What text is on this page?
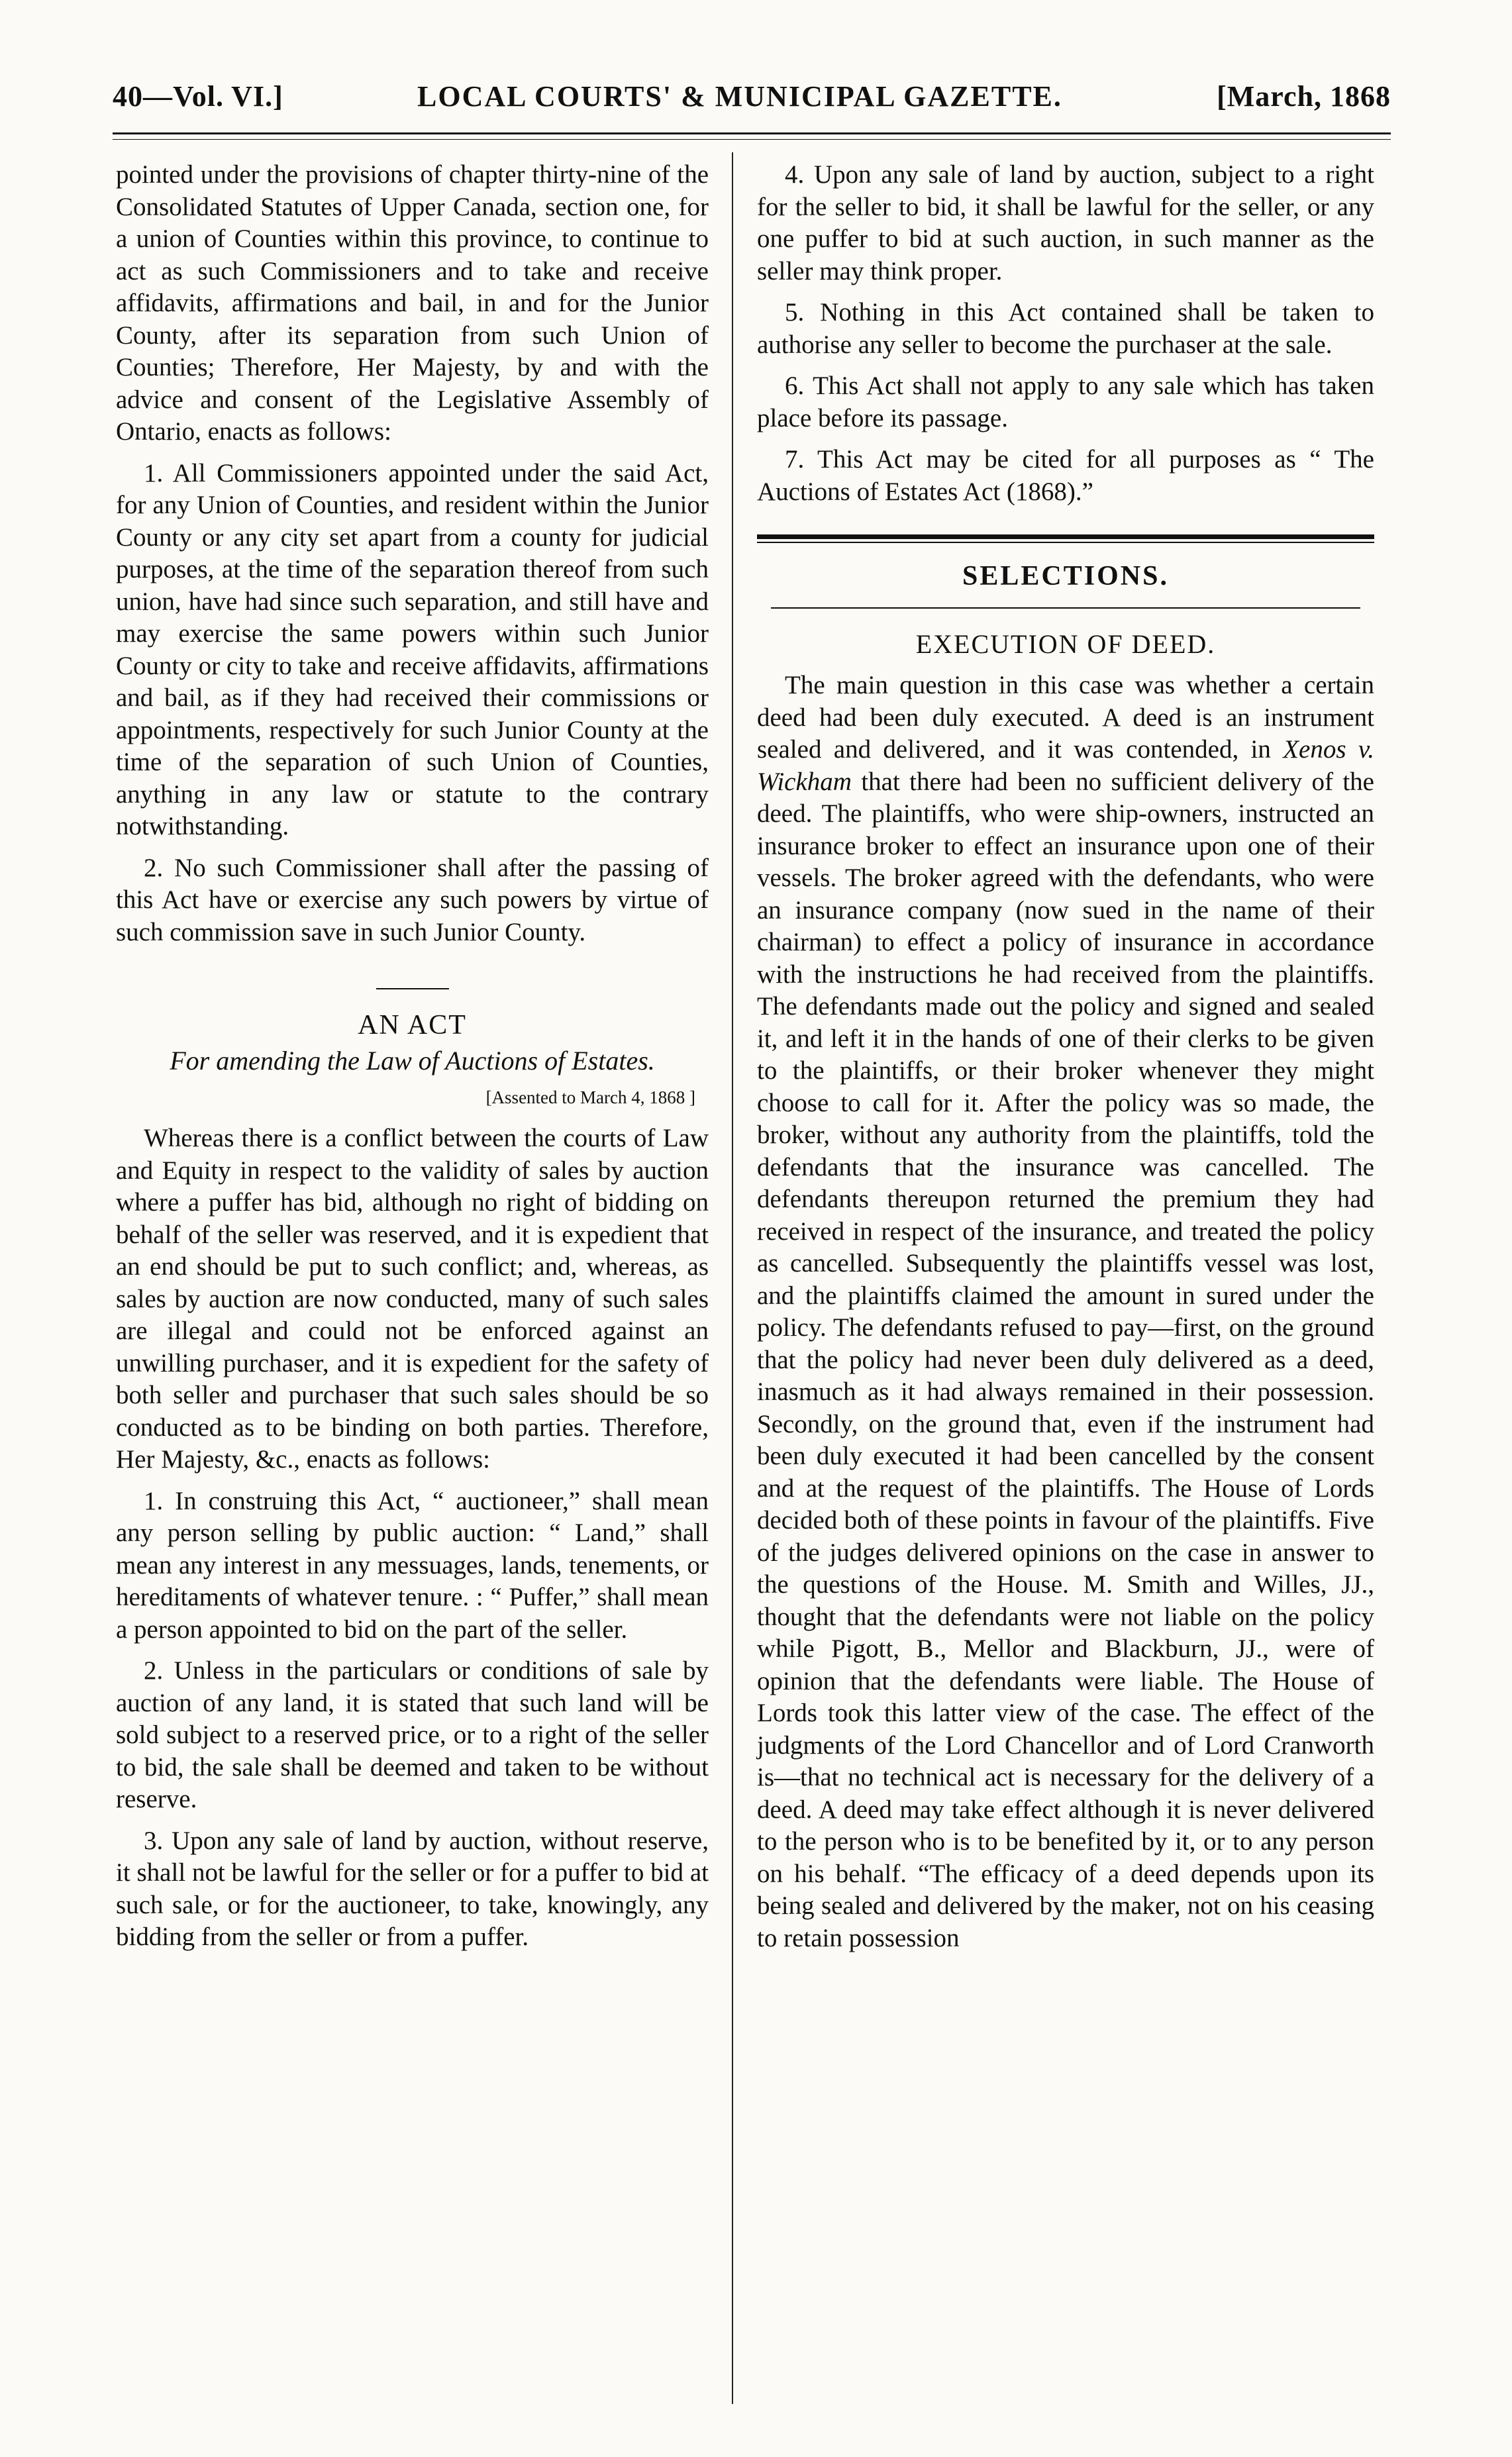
40—Vol. VI.]	LOCAL COURTS' & MUNICIPAL GAZETTE.	[March, 1868

pointed under the provisions of chapter thirty-nine of the Consolidated Statutes of Upper Canada, section one, for a union of Counties within this province, to continue to act as such Commissioners and to take and receive affidavits, affirmations and bail, in and for the Junior County, after its separation from such Union of Counties; Therefore, Her Majesty, by and with the advice and consent of the Legislative Assembly of Ontario, enacts as follows:

1. All Commissioners appointed under the said Act, for any Union of Counties, and resident within the Junior County or any city set apart from a county for judicial purposes, at the time of the separation thereof from such union, have had since such separation, and still have and may exercise the same powers within such Junior County or city to take and receive affidavits, affirmations and bail, as if they had received their commissions or appointments, respectively for such Junior County at the time of the separation of such Union of Counties, anything in any law or statute to the contrary notwithstanding.

2. No such Commissioner shall after the passing of this Act have or exercise any such powers by virtue of such commission save in such Junior County.

AN ACT
For amending the Law of Auctions of Estates.
[Assented to March 4, 1868 ]

Whereas there is a conflict between the courts of Law and Equity in respect to the validity of sales by auction where a puffer has bid, although no right of bidding on behalf of the seller was reserved, and it is expedient that an end should be put to such conflict; and, whereas, as sales by auction are now conducted, many of such sales are illegal and could not be enforced against an unwilling purchaser, and it is expedient for the safety of both seller and purchaser that such sales should be so conducted as to be binding on both parties. Therefore, Her Majesty, &c., enacts as follows:

1. In construing this Act, “ auctioneer,” shall mean any person selling by public auction: “ Land,” shall mean any interest in any messuages, lands, tenements, or hereditaments of whatever tenure. : “ Puffer,” shall mean a person appointed to bid on the part of the seller.

2. Unless in the particulars or conditions of sale by auction of any land, it is stated that such land will be sold subject to a reserved price, or to a right of the seller to bid, the sale shall be deemed and taken to be without reserve.

3. Upon any sale of land by auction, without reserve, it shall not be lawful for the seller or for a puffer to bid at such sale, or for the auctioneer, to take, knowingly, any bidding from the seller or from a puffer.

4. Upon any sale of land by auction, subject to a right for the seller to bid, it shall be lawful for the seller, or any one puffer to bid at such auction, in such manner as the seller may think proper.

5. Nothing in this Act contained shall be taken to authorise any seller to become the purchaser at the sale.

6. This Act shall not apply to any sale which has taken place before its passage.

7. This Act may be cited for all purposes as “ The Auctions of Estates Act (1868).”

SELECTIONS.
EXECUTION OF DEED.

The main question in this case was whether a certain deed had been duly executed. A deed is an instrument sealed and delivered, and it was contended, in Xenos v. Wickham that there had been no sufficient delivery of the deed. The plaintiffs, who were ship-owners, instructed an insurance broker to effect an insurance upon one of their vessels. The broker agreed with the defendants, who were an insurance company (now sued in the name of their chairman) to effect a policy of insurance in accordance with the instructions he had received from the plaintiffs. The defendants made out the policy and signed and sealed it, and left it in the hands of one of their clerks to be given to the plaintiffs, or their broker whenever they might choose to call for it. After the policy was so made, the broker, without any authority from the plaintiffs, told the defendants that the insurance was cancelled. The defendants thereupon returned the premium they had received in respect of the insurance, and treated the policy as cancelled. Subsequently the plaintiffs vessel was lost, and the plaintiffs claimed the amount in sured under the policy. The defendants refused to pay—first, on the ground that the policy had never been duly delivered as a deed, inasmuch as it had always remained in their possession. Secondly, on the ground that, even if the instrument had been duly executed it had been cancelled by the consent and at the request of the plaintiffs. The House of Lords decided both of these points in favour of the plaintiffs. Five of the judges delivered opinions on the case in answer to the questions of the House. M. Smith and Willes, JJ., thought that the defendants were not liable on the policy while Pigott, B., Mellor and Blackburn, JJ., were of opinion that the defendants were liable. The House of Lords took this latter view of the case. The effect of the judgments of the Lord Chancellor and of Lord Cranworth is—that no technical act is necessary for the delivery of a deed. A deed may take effect although it is never delivered to the person who is to be benefited by it, or to any person on his behalf. “The efficacy of a deed depends upon its being sealed and delivered by the maker, not on his ceasing to retain possession
